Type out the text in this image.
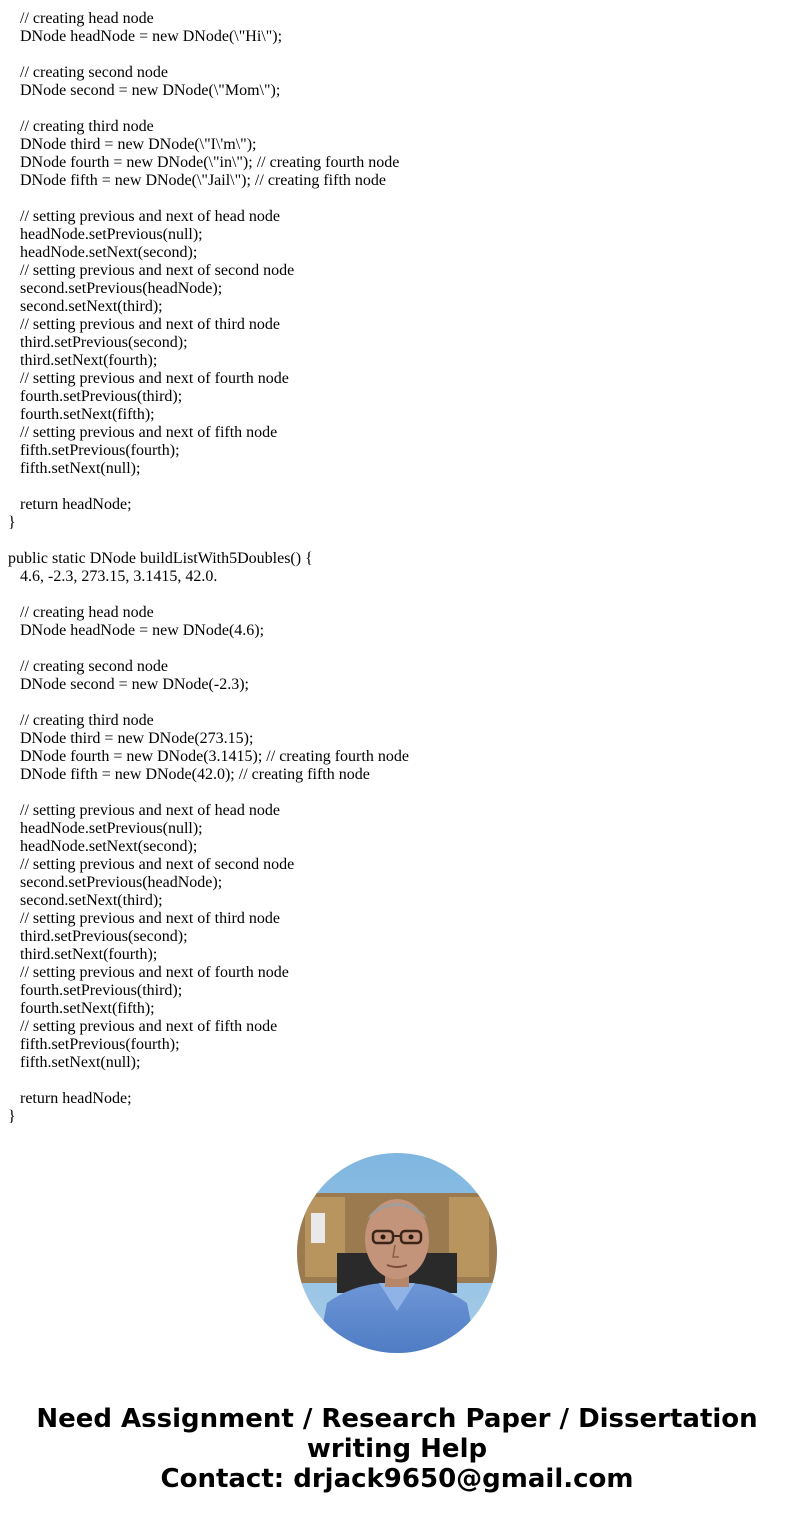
// creating head node
DNode headNode = new DNode(\"Hi\");
// creating second node
DNode second = new DNode(\"Mom\");
// creating third node
DNode third = new DNode(\"I\'m\");
DNode fourth = new DNode(\"in\"); // creating fourth node
DNode fifth = new DNode(\"Jail\"); // creating fifth node
// setting previous and next of head node
headNode.setPrevious(null);
headNode.setNext(second);
// setting previous and next of second node
second.setPrevious(headNode);
second.setNext(third);
// setting previous and next of third node
third.setPrevious(second);
third.setNext(fourth);
// setting previous and next of fourth node
fourth.setPrevious(third);
fourth.setNext(fifth);
// setting previous and next of fifth node
fifth.setPrevious(fourth);
fifth.setNext(null);
return headNode;
}
public static DNode buildListWith5Doubles() {
4.6, -2.3, 273.15, 3.1415, 42.0.
// creating head node
DNode headNode = new DNode(4.6);
// creating second node
DNode second = new DNode(-2.3);
// creating third node
DNode third = new DNode(273.15);
DNode fourth = new DNode(3.1415); // creating fourth node
DNode fifth = new DNode(42.0); // creating fifth node
// setting previous and next of head node
headNode.setPrevious(null);
headNode.setNext(second);
// setting previous and next of second node
second.setPrevious(headNode);
second.setNext(third);
// setting previous and next of third node
third.setPrevious(second);
third.setNext(fourth);
// setting previous and next of fourth node
fourth.setPrevious(third);
fourth.setNext(fifth);
// setting previous and next of fifth node
fifth.setPrevious(fourth);
fifth.setNext(null);
return headNode;
}
Need Assignment / Research Paper / Dissertation
writing Help
Contact: drjack9650@gmail.com
